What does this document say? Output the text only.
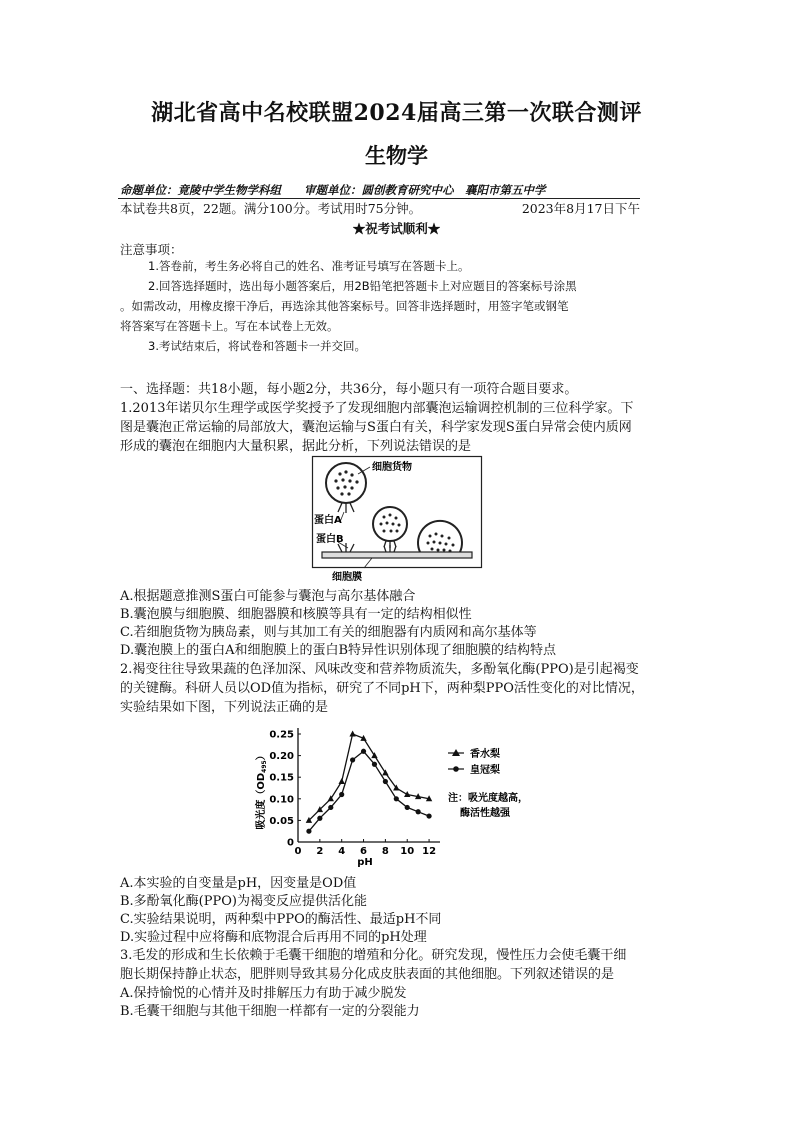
湖北省高中名校联盟2024届高三第一次联合测评
生物学
命题单位：竟陵中学生物学科组　　审题单位：圆创教育研究中心　襄阳市第五中学
本试卷共8页，22题。满分100分。考试用时75分钟。	2023年8月17日下午
★祝考试顺利★
注意事项：
1.答卷前，考生务必将自己的姓名、准考证号填写在答题卡上。
2.回答选择题时，选出每小题答案后，用2B铅笔把答题卡上对应题目的答案标号涂黑
。如需改动，用橡皮擦干净后，再选涂其他答案标号。回答非选择题时，用签字笔或钢笔
将答案写在答题卡上。写在本试卷上无效。
3.考试结束后，将试卷和答题卡一并交回。
一、选择题：共18小题，每小题2分，共36分，每小题只有一项符合题目要求。
1.2013年诺贝尔生理学或医学奖授予了发现细胞内部囊泡运输调控机制的三位科学家。下
图是囊泡正常运输的局部放大，囊泡运输与S蛋白有关，科学家发现S蛋白异常会使内质网
形成的囊泡在细胞内大量积累，据此分析，下列说法错误的是
细胞货物
蛋白A
蛋白B
细胞膜
A.根据题意推测S蛋白可能参与囊泡与高尔基体融合
B.囊泡膜与细胞膜、细胞器膜和核膜等具有一定的结构相似性
C.若细胞货物为胰岛素，则与其加工有关的细胞器有内质网和高尔基体等
D.囊泡膜上的蛋白A和细胞膜上的蛋白B特异性识别体现了细胞膜的结构特点
2.褐变往往导致果蔬的色泽加深、风味改变和营养物质流失，多酚氧化酶(PPO)是引起褐变
的关键酶。科研人员以OD值为指标，研究了不同pH下，两种梨PPO活性变化的对比情况，
实验结果如下图，下列说法正确的是
0 2 4 6 8 10 12
0
0.05
0.10
0.15
0.20
0.25
吸光度$(OD_{495})$
pH
香水梨
皇冠梨
注：吸光度越高，
酶活性越强
A.本实验的自变量是pH，因变量是OD值
B.多酚氧化酶(PPO)为褐变反应提供活化能
C.实验结果说明，两种梨中PPO的酶活性、最适pH不同
D.实验过程中应将酶和底物混合后再用不同的pH处理
3.毛发的形成和生长依赖于毛囊干细胞的增殖和分化。研究发现，慢性压力会使毛囊干细
胞长期保持静止状态，肥胖则导致其易分化成皮肤表面的其他细胞。下列叙述错误的是
A.保持愉悦的心情并及时排解压力有助于减少脱发
B.毛囊干细胞与其他干细胞一样都有一定的分裂能力
